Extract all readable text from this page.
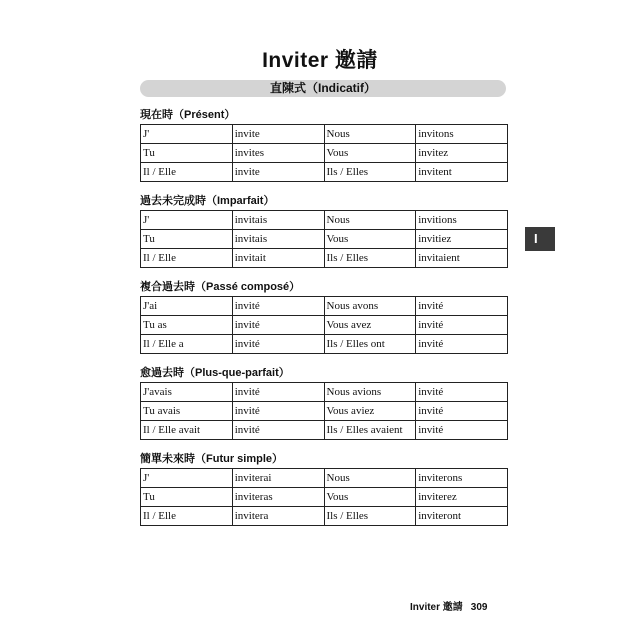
Inviter 邀請
直陳式（Indicatif）
現在時（Présent）
J'	invite	Nous	invitons
Tu	invites	Vous	invitez
Il / Elle	invite	Ils / Elles	invitent
過去未完成時（Imparfait）
J'	invitais	Nous	invitions
Tu	invitais	Vous	invitiez
Il / Elle	invitait	Ils / Elles	invitaient
複合過去時（Passé composé）
J'ai	invité	Nous avons	invité
Tu as	invité	Vous avez	invité
Il / Elle a	invité	Ils / Elles ont	invité
愈過去時（Plus-que-parfait）
J'avais	invité	Nous avions	invité
Tu avais	invité	Vous aviez	invité
Il / Elle avait	invité	Ils / Elles avaient	invité
簡單未來時（Futur simple）
J'	inviterai	Nous	inviterons
Tu	inviteras	Vous	inviterez
Il / Elle	invitera	Ils / Elles	inviteront
I
Inviter 邀請 309
